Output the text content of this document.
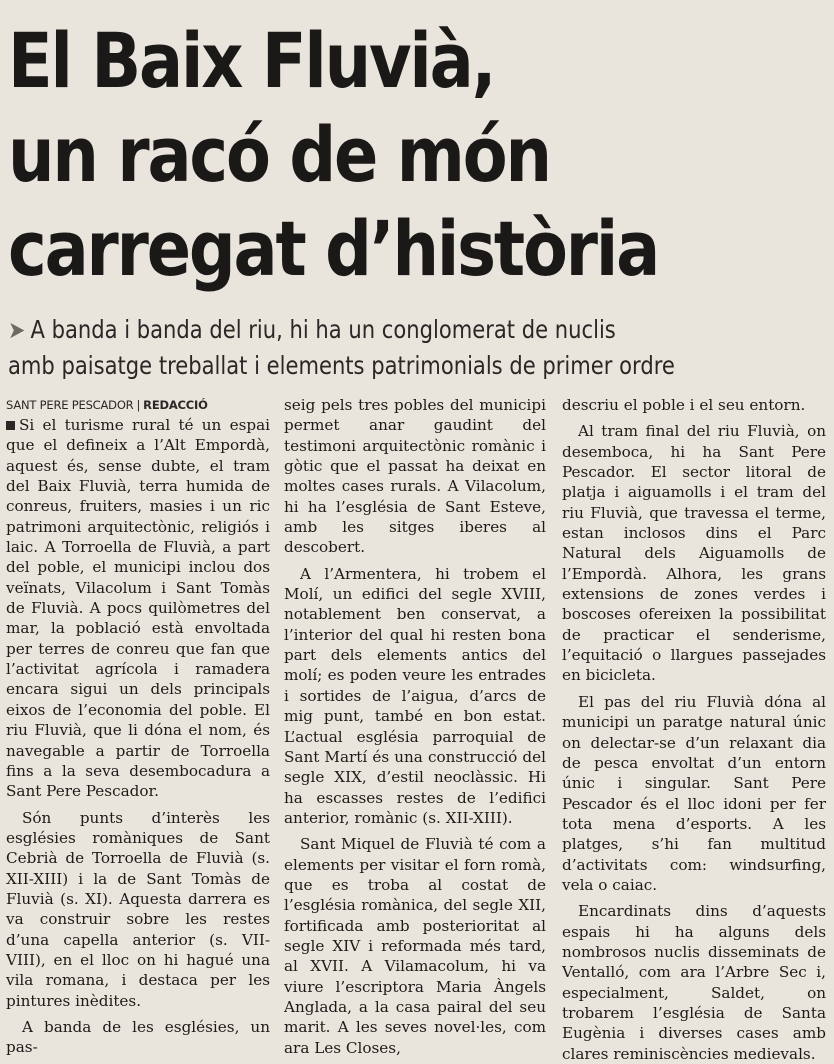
El Baix Fluvià,
un racó de món
carregat d’història
➤ A banda i banda del riu, hi ha un conglomerat de nuclis
amb paisatge treballat i elements patrimonials de primer ordre
SANT PERE PESCADOR | REDACCIÓ

Si el turisme rural té un espai que el defineix a l’Alt Empordà, aquest és, sense dubte, el tram del Baix Fluvià, terra humida de conreus, fruiters, masies i un ric patrimoni arquitectònic, religiós i laic. A Torroella de Fluvià, a part del poble, el municipi inclou dos veïnats, Vilacolum i Sant Tomàs de Fluvià. A pocs quilòmetres del mar, la població està envoltada per terres de conreu que fan que l’activitat agrícola i ramadera encara sigui un dels principals eixos de l’economia del poble. El riu Fluvià, que li dóna el nom, és navegable a partir de Torroella fins a la seva desembocadura a Sant Pere Pescador.

Són punts d’interès les esglésies romàniques de Sant Cebrià de Torroella de Fluvià (s. XII-XIII) i la de Sant Tomàs de Fluvià (s. XI). Aquesta darrera es va construir sobre les restes d’una capella anterior (s. VII-VIII), en el lloc on hi hagué una vila romana, i destaca per les pintures inèdites.

A banda de les esglésies, un pas-

seig pels tres pobles del municipi permet anar gaudint del testimoni arquitectònic romànic i gòtic que el passat ha deixat en moltes cases rurals. A Vilacolum, hi ha l’església de Sant Esteve, amb les sitges iberes al descobert.

A l’Armentera, hi trobem el Molí, un edifici del segle XVIII, notablement ben conservat, a l’interior del qual hi resten bona part dels elements antics del molí; es poden veure les entrades i sortides de l’aigua, d’arcs de mig punt, també en bon estat. L’actual església parroquial de Sant Martí és una construcció del segle XIX, d’estil neoclàssic. Hi ha escasses restes de l’edifici anterior, romànic (s. XII-XIII).

Sant Miquel de Fluvià té com a elements per visitar el forn romà, que es troba al costat de l’església romànica, del segle XII, fortificada amb posterioritat al segle XIV i reformada més tard, al XVII. A Vilamacolum, hi va viure l’escriptora Maria Àngels Anglada, a la casa pairal del seu marit. A les seves novel·les, com ara Les Closes,

descriu el poble i el seu entorn.

Al tram final del riu Fluvià, on desemboca, hi ha Sant Pere Pescador. El sector litoral de platja i aiguamolls i el tram del riu Fluvià, que travessa el terme, estan inclosos dins el Parc Natural dels Aiguamolls de l’Empordà. Alhora, les grans extensions de zones verdes i boscoses ofereixen la possibilitat de practicar el senderisme, l’equitació o llargues passejades en bicicleta.

El pas del riu Fluvià dóna al municipi un paratge natural únic on delectar-se d’un relaxant dia de pesca envoltat d’un entorn únic i singular. Sant Pere Pescador és el lloc idoni per fer tota mena d’esports. A les platges, s’hi fan multitud d’activitats com: windsurfing, vela o caiac.

Encardinats dins d’aquests espais hi ha alguns dels nombrosos nuclis disseminats de Ventalló, com ara l’Arbre Sec i, especialment, Saldet, on trobarem l’església de Santa Eugènia i diverses cases amb clares reminiscències medievals.
